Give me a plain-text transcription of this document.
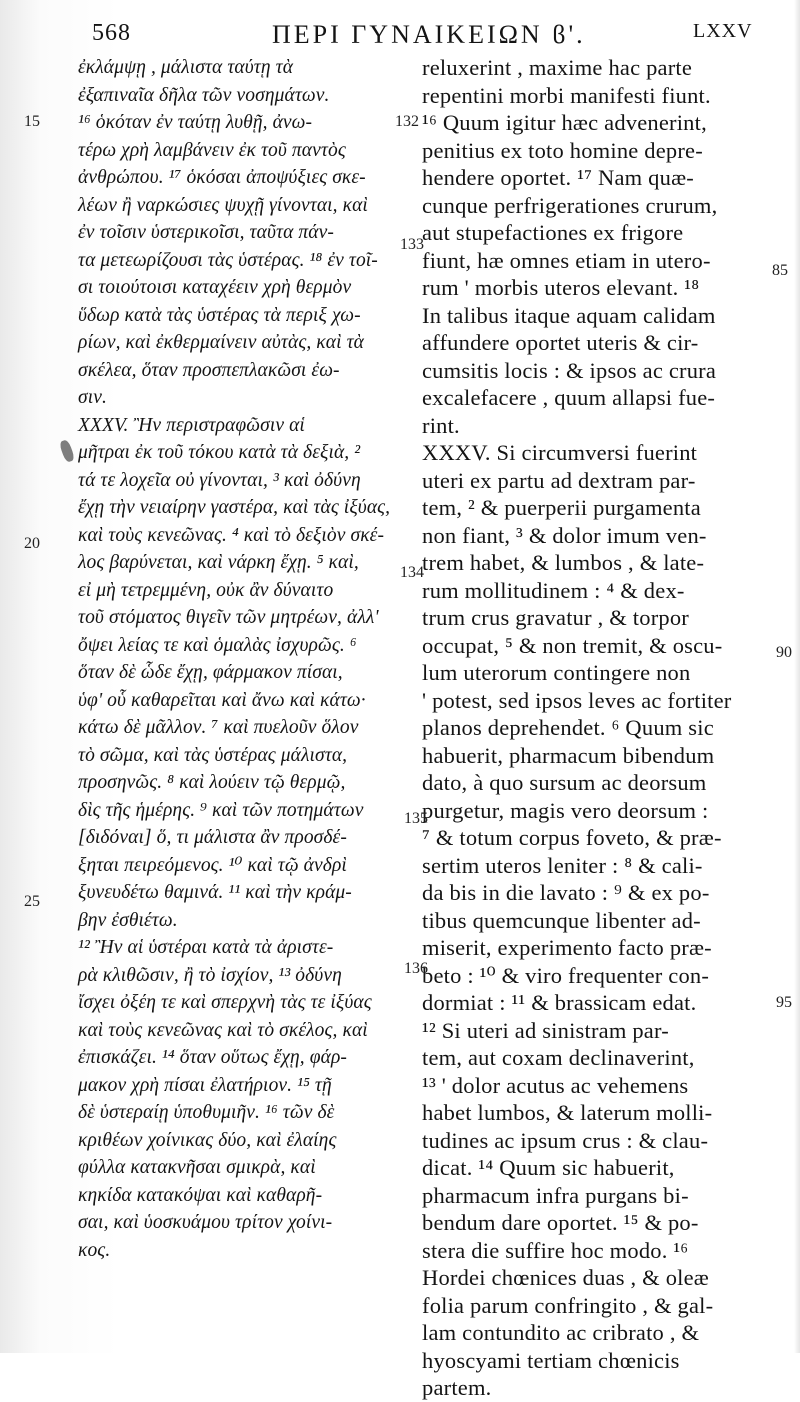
568	ΠΕΡΙ ΓΥΝΑΙΚΕΙΩΝ ϐ'.	LXXV
ἐκλάμψῃ , μάλιστα ταύτῃ τὰ
ἐξαπιναῖα δῆλα τῶν νοσημάτων.
¹⁶ ὁκόταν ἐν ταύτῃ λυθῇ, ἀνω-
τέρω χρὴ λαμβάνειν ἐκ τοῦ παντὸς
ἀνθρώπου. ¹⁷ ὁκόσαι ἀποψύξιες σκε-
λέων ἢ ναρκώσιες ψυχῇ γίνονται, καὶ
ἐν τοῖσιν ὑστερικοῖσι, ταῦτα πάν-
τα μετεωρίζουσι τὰς ὑστέρας. ¹⁸ ἐν τοῖ-
σι τοιούτοισι καταχέειν χρὴ θερμὸν
ὕδωρ κατὰ τὰς ὑστέρας τὰ περιξ χω-
ρίων, καὶ ἐκθερμαίνειν αὐτὰς, καὶ τὰ
σκέλεα, ὅταν προσπεπλακῶσι ἐω-
σιν.
XXXV. Ἢν περιστραφῶσιν αἱ
μῆτραι ἐκ τοῦ τόκου κατὰ τὰ δεξιὰ, ²
τά τε λοχεῖα οὐ γίνονται, ³ καὶ ὀδύνη
ἔχῃ τὴν νειαίρην γαστέρα, καὶ τὰς ἰξύας,
καὶ τοὺς κενεῶνας. ⁴ καὶ τὸ δεξιὸν σκέ-
λος βαρύνεται, καὶ νάρκη ἔχῃ. ⁵ καὶ,
εἰ μὴ τετρεμμένη, οὐκ ἂν δύναιτο
τοῦ στόματος θιγεῖν τῶν μητρέων, ἀλλ'
ὄψει λείας τε καὶ ὁμαλὰς ἰσχυρῶς. ⁶
ὅταν δὲ ὧδε ἔχῃ, φάρμακον πίσαι,
ὑφ' οὗ καθαρεῖται καὶ ἄνω καὶ κάτω·
κάτω δὲ μᾶλλον. ⁷ καὶ πυελοῦν ὅλον
τὸ σῶμα, καὶ τὰς ὑστέρας μάλιστα,
προσηνῶς. ⁸ καὶ λούειν τῷ θερμῷ,
δὶς τῆς ἡμέρης. ⁹ καὶ τῶν ποτημάτων
[διδόναι] ὅ, τι μάλιστα ἂν προσδέ-
ξηται πειρεόμενος. ¹⁰ καὶ τῷ ἀνδρὶ
ξυνευδέτω θαμινά. ¹¹ καὶ τὴν κράμ-
βην ἐσθιέτω.
¹² Ἢν αἱ ὑστέραι κατὰ τὰ ἀριστε-
ρὰ κλιθῶσιν, ἢ τὸ ἰσχίον, ¹³ ὀδύνη
ἴσχει ὀξέη τε καὶ σπερχνὴ τὰς τε ἰξύας
καὶ τοὺς κενεῶνας καὶ τὸ σκέλος, καὶ
ἐπισκάζει. ¹⁴ ὅταν οὕτως ἔχῃ, φάρ-
μακον χρὴ πίσαι ἐλατήριον. ¹⁵ τῇ
δὲ ὑστεραίῃ ὑποθυμιῆν. ¹⁶ τῶν δὲ
κριθέων χοίνικας δύο, καὶ ἐλαίης
φύλλα κατακνῆσαι σμικρὰ, καὶ
κηκίδα κατακόψαι καὶ καθαρῆ-
σαι, καὶ ὑοσκυάμου τρίτον χοίνι-
κος.
reluxerint , maxime hac parte
repentini morbi manifesti fiunt.
¹⁶ Quum igitur hæc advenerint,
penitius ex toto homine depre-
hendere oportet. ¹⁷ Nam quæ-
cunque perfrigerationes crurum,
aut stupefactiones ex frigore
fiunt, hæ omnes etiam in utero-
rum ' morbis uteros elevant. ¹⁸
In talibus itaque aquam calidam
affundere oportet uteris & cir-
cumsitis locis : & ipsos ac crura
excalefacere , quum allapsi fue-
rint.
XXXV. Si circumversi fuerint
uteri ex partu ad dextram par-
tem, ² & puerperii purgamenta
non fiant, ³ & dolor imum ven-
trem habet, & lumbos , & late-
rum mollitudinem : ⁴ & dex-
trum crus gravatur , & torpor
occupat, ⁵ & non tremit, & oscu-
lum uterorum contingere non
' potest, sed ipsos leves ac fortiter
planos deprehendet. ⁶ Quum sic
habuerit, pharmacum bibendum
dato, à quo sursum ac deorsum
purgetur, magis vero deorsum :
⁷ & totum corpus foveto, & præ-
sertim uteros leniter : ⁸ & cali-
da bis in die lavato : ⁹ & ex po-
tibus quemcunque libenter ad-
miserit, experimento facto præ-
beto : ¹⁰ & viro frequenter con-
dormiat : ¹¹ & brassicam edat.
¹² Si uteri ad sinistram par-
tem, aut coxam declinaverint,
¹³ ' dolor acutus ac vehemens
habet lumbos, & laterum molli-
tudines ac ipsum crus : & clau-
dicat. ¹⁴ Quum sic habuerit,
pharmacum infra purgans bi-
bendum dare oportet. ¹⁵ & po-
stera die suffire hoc modo. ¹⁶
Hordei chœnices duas , & oleæ
folia parum confringito , & gal-
lam contundito ac cribrato , &
hyoscyami tertiam chœnicis
partem.
15
20
25
132
133
134
135
136
85
90
95
